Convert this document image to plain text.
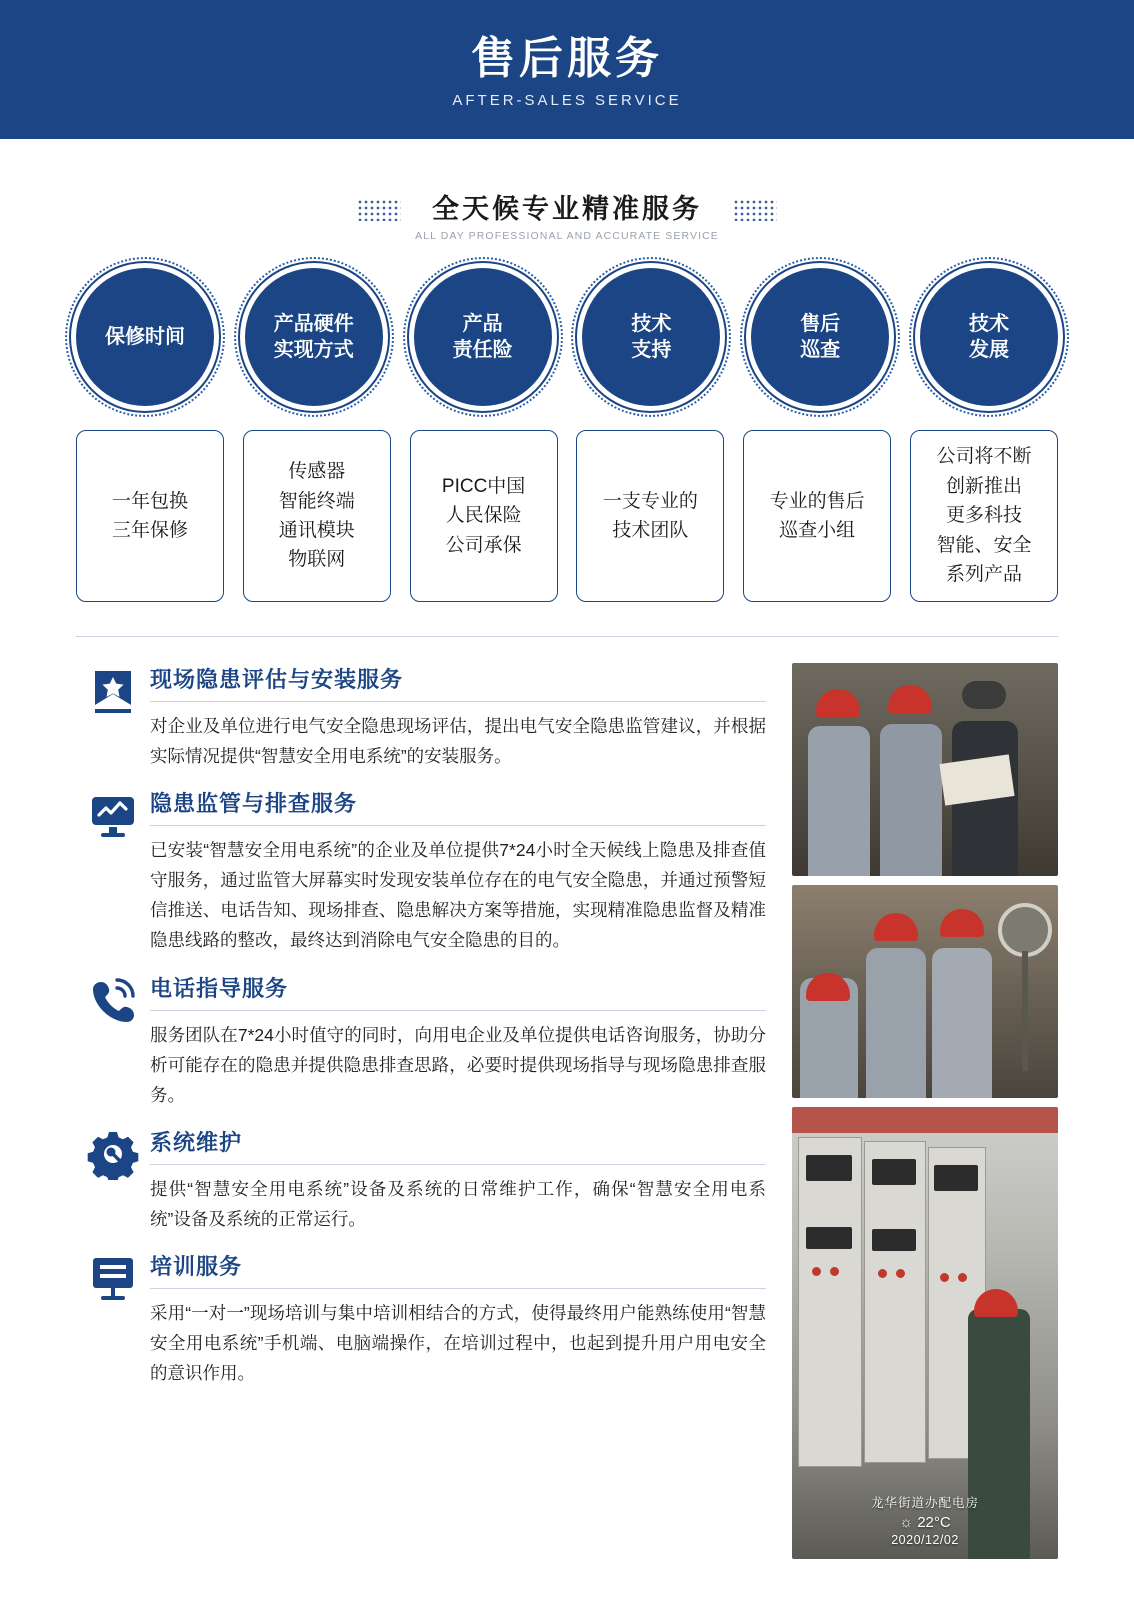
售后服务
AFTER-SALES SERVICE
全天候专业精准服务
ALL DAY PROFESSIONAL AND ACCURATE SERVICE
保修时间
产品硬件
实现方式
产品
责任险
技术
支持
售后
巡查
技术
发展
一年包换
三年保修
传感器
智能终端
通讯模块
物联网
PICC中国
人民保险
公司承保
一支专业的
技术团队
专业的售后
巡查小组
公司将不断
创新推出
更多科技
智能、安全
系列产品
现场隐患评估与安装服务
对企业及单位进行电气安全隐患现场评估，提出电气安全隐患监管建议，并根据实际情况提供“智慧安全用电系统”的安装服务。
隐患监管与排查服务
已安装“智慧安全用电系统”的企业及单位提供7*24小时全天候线上隐患及排查值守服务，通过监管大屏幕实时发现安装单位存在的电气安全隐患，并通过预警短信推送、电话告知、现场排查、隐患解决方案等措施，实现精准隐患监督及精准隐患线路的整改，最终达到消除电气安全隐患的目的。
电话指导服务
服务团队在7*24小时值守的同时，向用电企业及单位提供电话咨询服务，协助分析可能存在的隐患并提供隐患排查思路，必要时提供现场指导与现场隐患排查服务。
系统维护
提供“智慧安全用电系统”设备及系统的日常维护工作，确保“智慧安全用电系统”设备及系统的正常运行。
培训服务
采用“一对一”现场培训与集中培训相结合的方式，使得最终用户能熟练使用“智慧安全用电系统”手机端、电脑端操作，在培训过程中，也起到提升用户用电安全的意识作用。
龙华街道办配电房
☼ 22°C
2020/12/02
